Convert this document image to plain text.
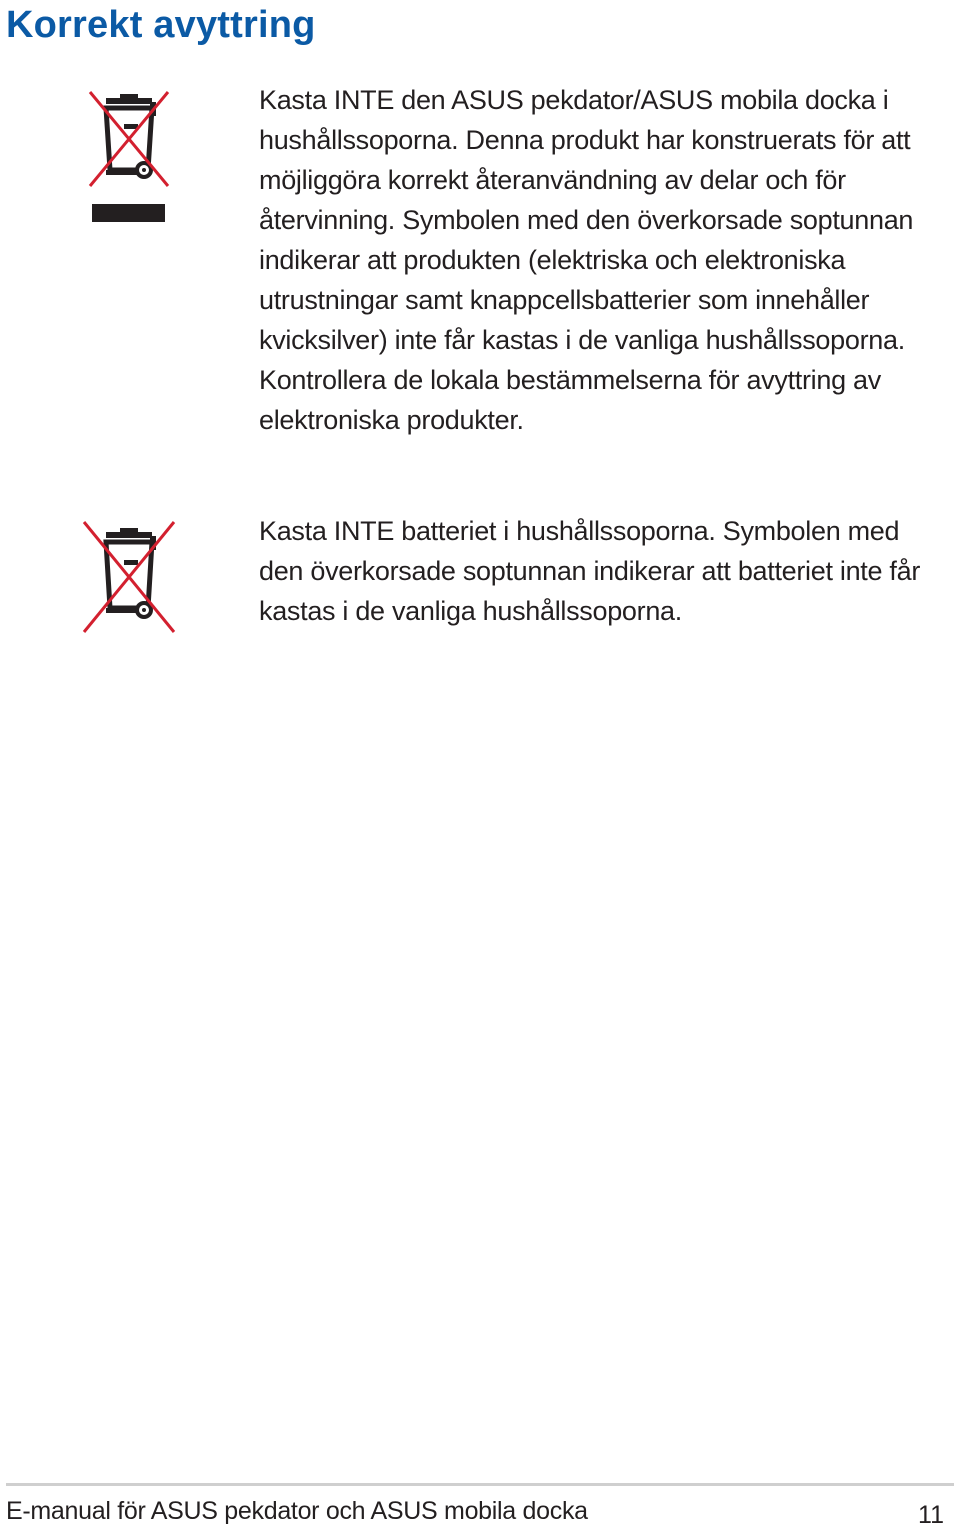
Korrekt avyttring

Kasta INTE den ASUS pekdator/ASUS mobila docka i hushållssoporna. Denna produkt har konstruerats för att möjliggöra korrekt återanvändning av delar och för återvinning. Symbolen med den överkorsade soptunnan indikerar att produkten (elektriska och elektroniska utrustningar samt knappcellsbatterier som innehåller kvicksilver) inte får kastas i de vanliga hushållssoporna. Kontrollera de lokala bestämmelserna för avyttring av elektroniska produkter.

Kasta INTE batteriet i hushållssoporna. Symbolen med den överkorsade soptunnan indikerar att batteriet inte får kastas i de vanliga hushållssoporna.

E-manual för ASUS pekdator och ASUS mobila docka	11
